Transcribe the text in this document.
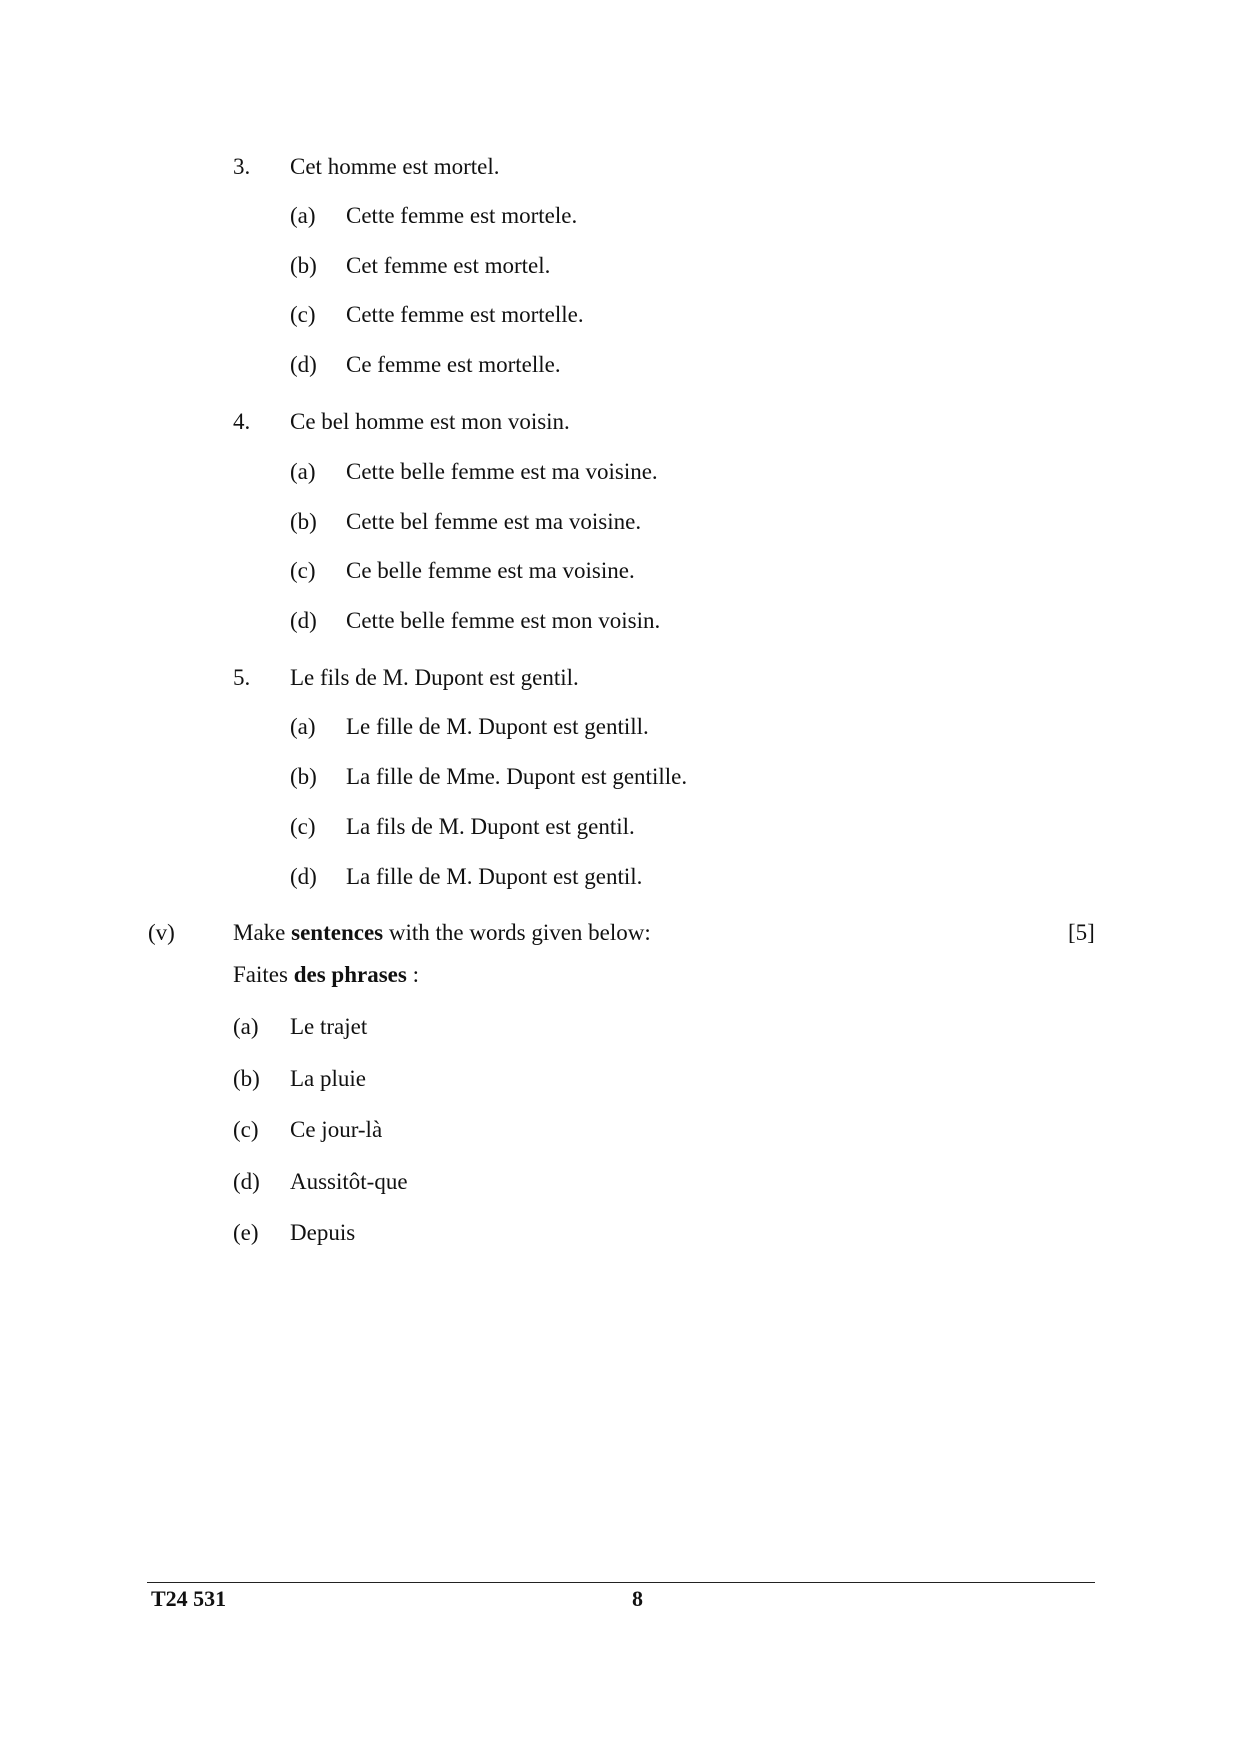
3. Cet homme est mortel.
(a) Cette femme est mortele.
(b) Cet femme est mortel.
(c) Cette femme est mortelle.
(d) Ce femme est mortelle.
4. Ce bel homme est mon voisin.
(a) Cette belle femme est ma voisine.
(b) Cette bel femme est ma voisine.
(c) Ce belle femme est ma voisine.
(d) Cette belle femme est mon voisin.
5. Le fils de M. Dupont est gentil.
(a) Le fille de M. Dupont est gentill.
(b) La fille de Mme. Dupont est gentille.
(c) La fils de M. Dupont est gentil.
(d) La fille de M. Dupont est gentil.
(v)	Make sentences with the words given below:	[5]
Faites des phrases :
(a) Le trajet
(b) La pluie
(c) Ce jour-là
(d) Aussitôt-que
(e) Depuis
T24 531	8
